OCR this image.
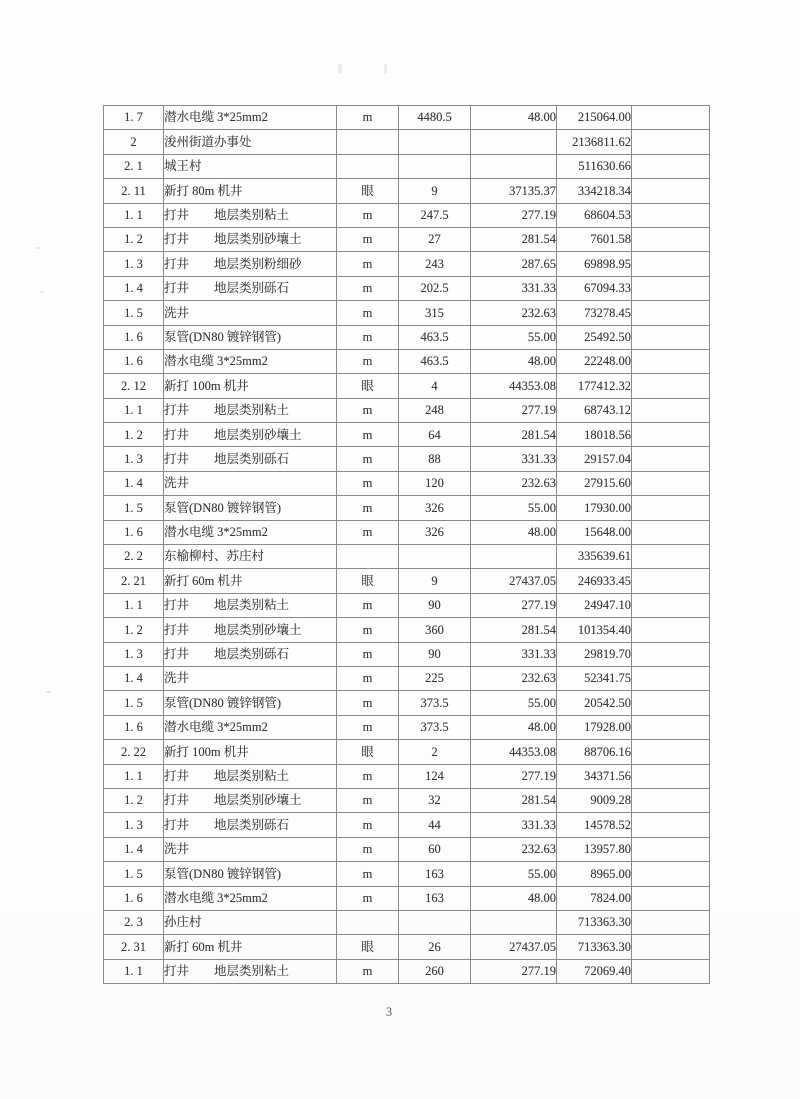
1. 7	潜水电缆 3*25mm2	m	4480.5	48.00	215064.00	
2	浚州街道办事处				2136811.62	
2. 1	城王村				511630.66	
2. 11	新打 80m 机井	眼	9	37135.37	334218.34	
1. 1	打井　　地层类别粘土	m	247.5	277.19	68604.53	
1. 2	打井　　地层类别砂壤土	m	27	281.54	7601.58	
1. 3	打井　　地层类别粉细砂	m	243	287.65	69898.95	
1. 4	打井　　地层类别砾石	m	202.5	331.33	67094.33	
1. 5	洗井	m	315	232.63	73278.45	
1. 6	泵管(DN80 镀锌钢管)	m	463.5	55.00	25492.50	
1. 6	潜水电缆 3*25mm2	m	463.5	48.00	22248.00	
2. 12	新打 100m 机井	眼	4	44353.08	177412.32	
1. 1	打井　　地层类别粘土	m	248	277.19	68743.12	
1. 2	打井　　地层类别砂壤土	m	64	281.54	18018.56	
1. 3	打井　　地层类别砾石	m	88	331.33	29157.04	
1. 4	洗井	m	120	232.63	27915.60	
1. 5	泵管(DN80 镀锌钢管)	m	326	55.00	17930.00	
1. 6	潜水电缆 3*25mm2	m	326	48.00	15648.00	
2. 2	东榆柳村、苏庄村				335639.61	
2. 21	新打 60m 机井	眼	9	27437.05	246933.45	
1. 1	打井　　地层类别粘土	m	90	277.19	24947.10	
1. 2	打井　　地层类别砂壤土	m	360	281.54	101354.40	
1. 3	打井　　地层类别砾石	m	90	331.33	29819.70	
1. 4	洗井	m	225	232.63	52341.75	
1. 5	泵管(DN80 镀锌钢管)	m	373.5	55.00	20542.50	
1. 6	潜水电缆 3*25mm2	m	373.5	48.00	17928.00	
2. 22	新打 100m 机井	眼	2	44353.08	88706.16	
1. 1	打井　　地层类别粘土	m	124	277.19	34371.56	
1. 2	打井　　地层类别砂壤土	m	32	281.54	9009.28	
1. 3	打井　　地层类别砾石	m	44	331.33	14578.52	
1. 4	洗井	m	60	232.63	13957.80	
1. 5	泵管(DN80 镀锌钢管)	m	163	55.00	8965.00	
1. 6	潜水电缆 3*25mm2	m	163	48.00	7824.00	
2. 3	孙庄村				713363.30	
2. 31	新打 60m 机井	眼	26	27437.05	713363.30	
1. 1	打井　　地层类别粘土	m	260	277.19	72069.40	
3
